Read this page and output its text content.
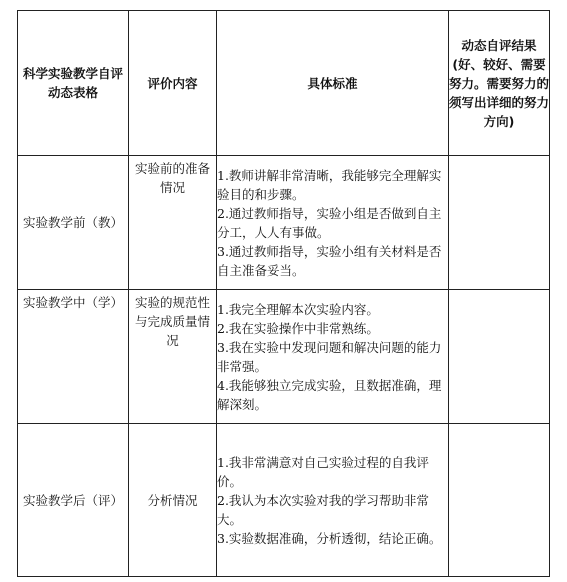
科学实验教学自评动态表格	评价内容	具体标准	动态自评结果(好、较好、需要努力。需要努力的须写出详细的努力方向)
实验教学前（教）	实验前的准备情况	1.教师讲解非常清晰，我能够完全理解实验目的和步骤。

2.通过教师指导，实验小组是否做到自主分工，人人有事做。

3.通过教师指导，实验小组有关材料是否自主准备妥当。	

实验教学中（学）	实验的规范性与完成质量情况	1.我完全理解本次实验内容。

2.我在实验操作中非常熟练。

3.我在实验中发现问题和解决问题的能力非常强。

4.我能够独立完成实验，且数据准确，理解深刻。	

实验教学后（评）	分析情况	1.我非常满意对自己实验过程的自我评价。

2.我认为本次实验对我的学习帮助非常大。

3.实验数据准确，分析透彻，结论正确。	
